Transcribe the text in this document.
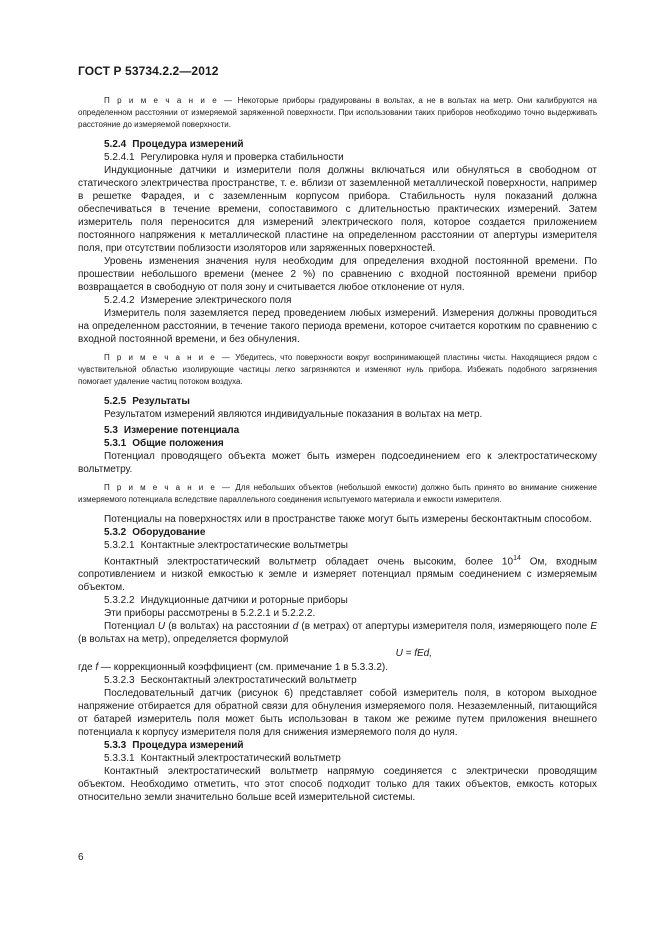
ГОСТ Р 53734.2.2—2012

П р и м е ч а н и е — Некоторые приборы градуированы в вольтах, а не в вольтах на метр. Они калибруются на определенном расстоянии от измеряемой заряженной поверхности. При использовании таких приборов необходимо точно выдерживать расстояние до измеряемой поверхности.

5.2.4 Процедура измерений
5.2.4.1 Регулировка нуля и проверка стабильности

Индукционные датчики и измерители поля должны включаться или обнуляться в свободном от статического электричества пространстве, т. е. вблизи от заземленной металлической поверхности, например в решетке Фарадея, и с заземленным корпусом прибора. Стабильность нуля показаний должна обеспечиваться в течение времени, сопоставимого с длительностью практических измерений. Затем измеритель поля переносится для измерений электрического поля, которое создается приложением постоянного напряжения к металлической пластине на определенном расстоянии от апертуры измерителя поля, при отсутствии поблизости изоляторов или заряженных поверхностей.

Уровень изменения значения нуля необходим для определения входной постоянной времени. По прошествии небольшого времени (менее 2 %) по сравнению с входной постоянной времени прибор возвращается в свободную от поля зону и считывается любое отклонение от нуля.

5.2.4.2 Измерение электрического поля

Измеритель поля заземляется перед проведением любых измерений. Измерения должны проводиться на определенном расстоянии, в течение такого периода времени, которое считается коротким по сравнению с входной постоянной времени, и без обнуления.

П р и м е ч а н и е — Убедитесь, что поверхности вокруг воспринимающей пластины чисты. Находящиеся рядом с чувствительной областью изолирующие частицы легко загрязняются и изменяют нуль прибора. Избежать подобного загрязнения помогает удаление частиц потоком воздуха.

5.2.5 Результаты

Результатом измерений являются индивидуальные показания в вольтах на метр.

5.3 Измерение потенциала
5.3.1 Общие положения

Потенциал проводящего объекта может быть измерен подсоединением его к электростатическому вольтметру.

П р и м е ч а н и е — Для небольших объектов (небольшой емкости) должно быть принято во внимание снижение измеряемого потенциала вследствие параллельного соединения испытуемого материала и емкости измерителя.

Потенциалы на поверхностях или в пространстве также могут быть измерены бесконтактным способом.

5.3.2 Оборудование
5.3.2.1 Контактные электростатические вольтметры

Контактный электростатический вольтметр обладает очень высоким, более $10^{14}$ Ом, входным сопротивлением и низкой емкостью к земле и измеряет потенциал прямым соединением с измеряемым объектом.

5.3.2.2 Индукционные датчики и роторные приборы

Эти приборы рассмотрены в 5.2.2.1 и 5.2.2.2.

Потенциал U (в вольтах) на расстоянии d (в метрах) от апертуры измерителя поля, измеряющего поле E (в вольтах на метр), определяется формулой

U = fEd,

где f — коррекционный коэффициент (см. примечание 1 в 5.3.3.2).

5.3.2.3 Бесконтактный электростатический вольтметр

Последовательный датчик (рисунок 6) представляет собой измеритель поля, в котором выходное напряжение отбирается для обратной связи для обнуления измеряемого поля. Незаземленный, питающийся от батарей измеритель поля может быть использован в таком же режиме путем приложения внешнего потенциала к корпусу измерителя поля для снижения измеряемого поля до нуля.

5.3.3 Процедура измерений
5.3.3.1 Контактный электростатический вольтметр

Контактный электростатический вольтметр напрямую соединяется с электрически проводящим объектом. Необходимо отметить, что этот способ подходит только для таких объектов, емкость которых относительно земли значительно больше всей измерительной системы.

6
